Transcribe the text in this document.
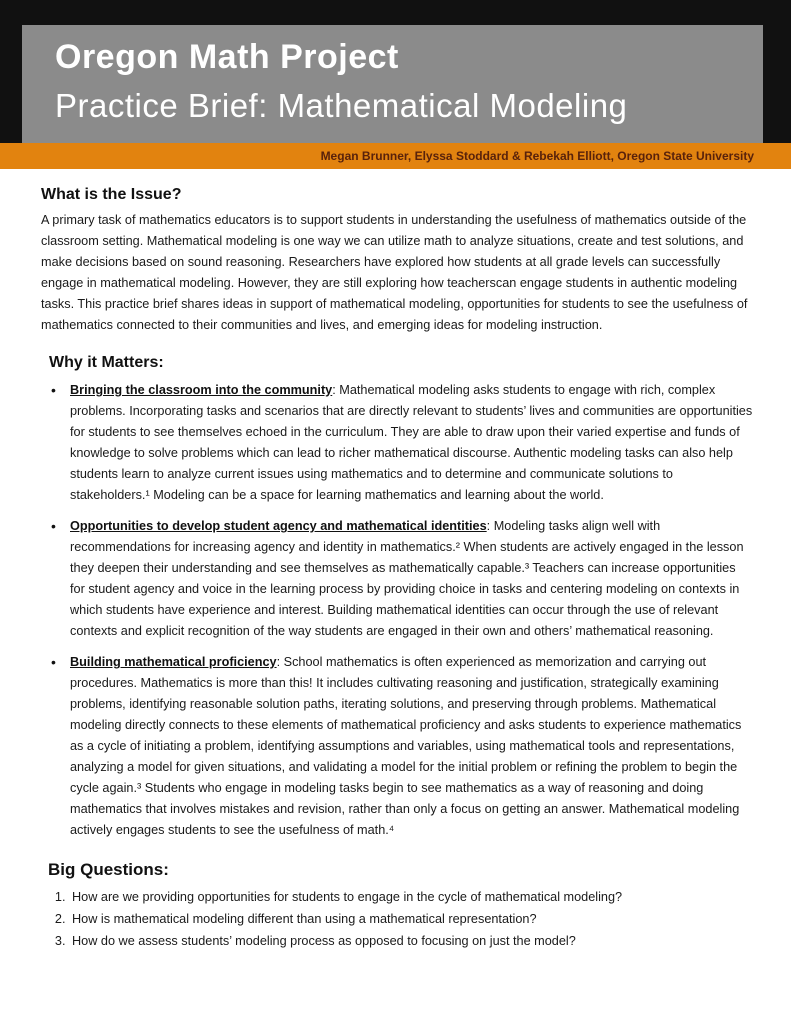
Oregon Math Project
Practice Brief: Mathematical Modeling
Megan Brunner, Elyssa Stoddard & Rebekah Elliott, Oregon State University
What is the Issue?

A primary task of mathematics educators is to support students in understanding the usefulness of mathematics outside of the classroom setting. Mathematical modeling is one way we can utilize math to analyze situations, create and test solutions, and make decisions based on sound reasoning. Researchers have explored how students at all grade levels can successfully engage in mathematical modeling. However, they are still exploring how teacherscan engage students in authentic modeling tasks. This practice brief shares ideas in support of mathematical modeling, opportunities for students to see the usefulness of mathematics connected to their communities and lives, and emerging ideas for modeling instruction.

Why it Matters:
• Bringing the classroom into the community: Mathematical modeling asks students to engage with rich, complex problems. Incorporating tasks and scenarios that are directly relevant to students’ lives and communities are opportunities for students to see themselves echoed in the curriculum. They are able to draw upon their varied expertise and funds of knowledge to solve problems which can lead to richer mathematical discourse. Authentic modeling tasks can also help students learn to analyze current issues using mathematics and to determine and communicate solutions to stakeholders.¹ Modeling can be a space for learning mathematics and learning about the world.
• Opportunities to develop student agency and mathematical identities: Modeling tasks align well with recommendations for increasing agency and identity in mathematics.² When students are actively engaged in the lesson they deepen their understanding and see themselves as mathematically capable.³ Teachers can increase opportunities for student agency and voice in the learning process by providing choice in tasks and centering modeling on contexts in which students have experience and interest. Building mathematical identities can occur through the use of relevant contexts and explicit recognition of the way students are engaged in their own and others’ mathematical reasoning.
• Building mathematical proficiency: School mathematics is often experienced as memorization and carrying out procedures. Mathematics is more than this! It includes cultivating reasoning and justification, strategically examining problems, identifying reasonable solution paths, iterating solutions, and preserving through problems. Mathematical modeling directly connects to these elements of mathematical proficiency and asks students to experience mathematics as a cycle of initiating a problem, identifying assumptions and variables, using mathematical tools and representations, analyzing a model for given situations, and validating a model for the initial problem or refining the problem to begin the cycle again.³ Students who engage in modeling tasks begin to see mathematics as a way of reasoning and doing mathematics that involves mistakes and revision, rather than only a focus on getting an answer. Mathematical modeling actively engages students to see the usefulness of math.⁴
Big Questions:
1. How are we providing opportunities for students to engage in the cycle of mathematical modeling?
2. How is mathematical modeling different than using a mathematical representation?
3. How do we assess students’ modeling process as opposed to focusing on just the model?
